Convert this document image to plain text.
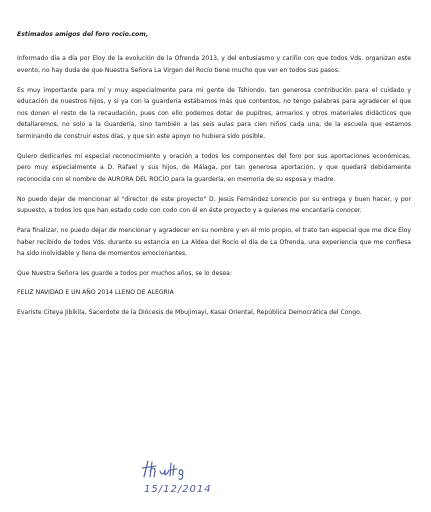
Estimados amigos del foro rocio.com,

Informado día a día por Eloy de la evolución de la Ofrenda 2013, y del entusiasmo y cariño con que todos Vds. organizan este evento, no hay duda de que Nuestra Señora La Virgen del Rocío tiene mucho que ver en todos sus pasos.

Es muy importante para mí y muy especialmente para mi gente de Tshiondo, tan generosa contribución para el cuidado y educación de nuestros hijos, y si ya con la guardería estábamos más que contentos, no tengo palabras para agradecer el que nos donen el resto de la recaudación, pues con ello podemos dotar de pupitres, armarios y otros materiales didácticos que detallaremos, no solo a la Guardería, sino también a las seis aulas para cien niños cada una, de la escuela que estamos terminando de construir estos días, y que sin este apoyo no hubiera sido posible.

Quiero dedicarles mi especial reconocimiento y oración a todos los componentes del foro por sus aportaciones económicas, pero muy especialmente a D. Rafael y sus hijos, de Málaga, por tan generosa aportación, y que quedará debidamente reconocida con el nombre de AURORA DEL ROCÍO para la guardería, en memoria de su esposa y madre.

No puedo dejar de mencionar al "director de este proyecto" D. Jesús Fernández Lorencio por su entrega y buen hacer, y por supuesto, a todos los que han estado codo con codo con él en éste proyecto y a quienes me encantaría conocer.

Para finalizar, no puedo dejar de mencionar y agradecer en su nombre y en el mío propio, el trato tan especial que me dice Eloy haber recibido de todos Vds. durante su estancia en La Aldea del Rocío el día de La Ofrenda, una experiencia que me confiesa ha sido inolvidable y llena de momentos emocionantes.

Que Nuestra Señora les guarde a todos por muchos años, se lo desea:

FELIZ NAVIDAD E UN AÑO 2014 LLENO DE ALEGRIA

Evariste Citeya Jibikila, Sacerdote de la Diócesis de Mbujimayi, Kasai Oriental, República Democrática del Congo.

15/12/2014
